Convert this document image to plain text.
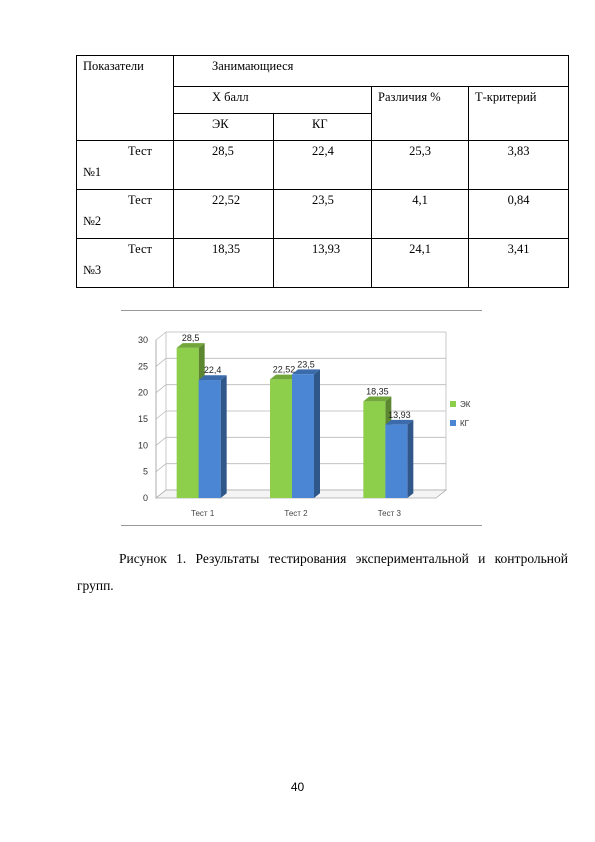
Показатели	Занимающиеся			
	Х балл		Различия %	Т-критерий
	ЭК	КГ		

Тест
№1	28,5	22,4	25,3	3,83

Тест
№2	22,52	23,5	4,1	0,84

Тест
№3	18,35	13,93	24,1	3,41
0
5
10
15
20
25
30	28,5
22,4
Тест 1
22,52
23,5
Тест 2
18,35
13,93
Тест 3
ЭК
КГ
Рисунок 1. Результаты тестирования экспериментальной и контрольной
групп.
40
